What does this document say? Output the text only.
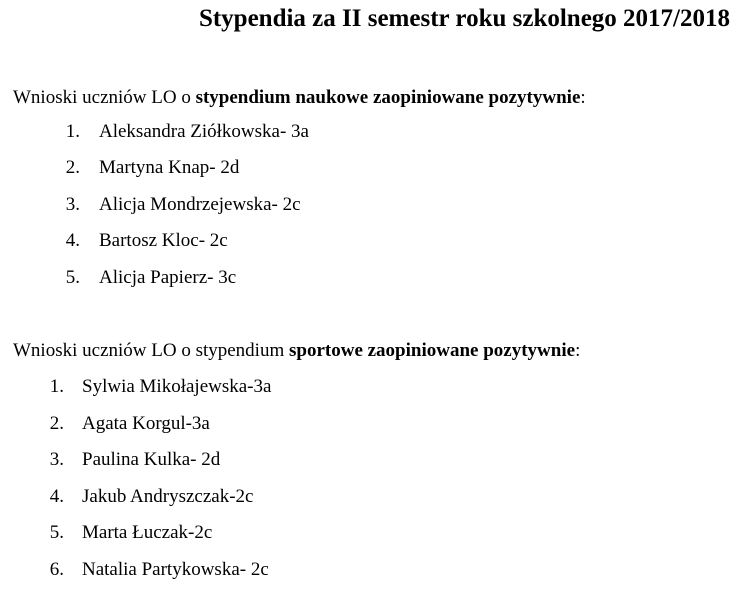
Stypendia za II semestr roku szkolnego 2017/2018

Wnioski uczniów LO o stypendium naukowe zaopiniowane pozytywnie:

1. Aleksandra Ziółkowska- 3a
2. Martyna Knap- 2d
3. Alicja Mondrzejewska- 2c
4. Bartosz Kloc- 2c
5. Alicja Papierz- 3c

Wnioski uczniów LO o stypendium sportowe zaopiniowane pozytywnie:

1. Sylwia Mikołajewska-3a
2. Agata Korgul-3a
3. Paulina Kulka- 2d
4. Jakub Andryszczak-2c
5. Marta Łuczak-2c
6. Natalia Partykowska- 2c
